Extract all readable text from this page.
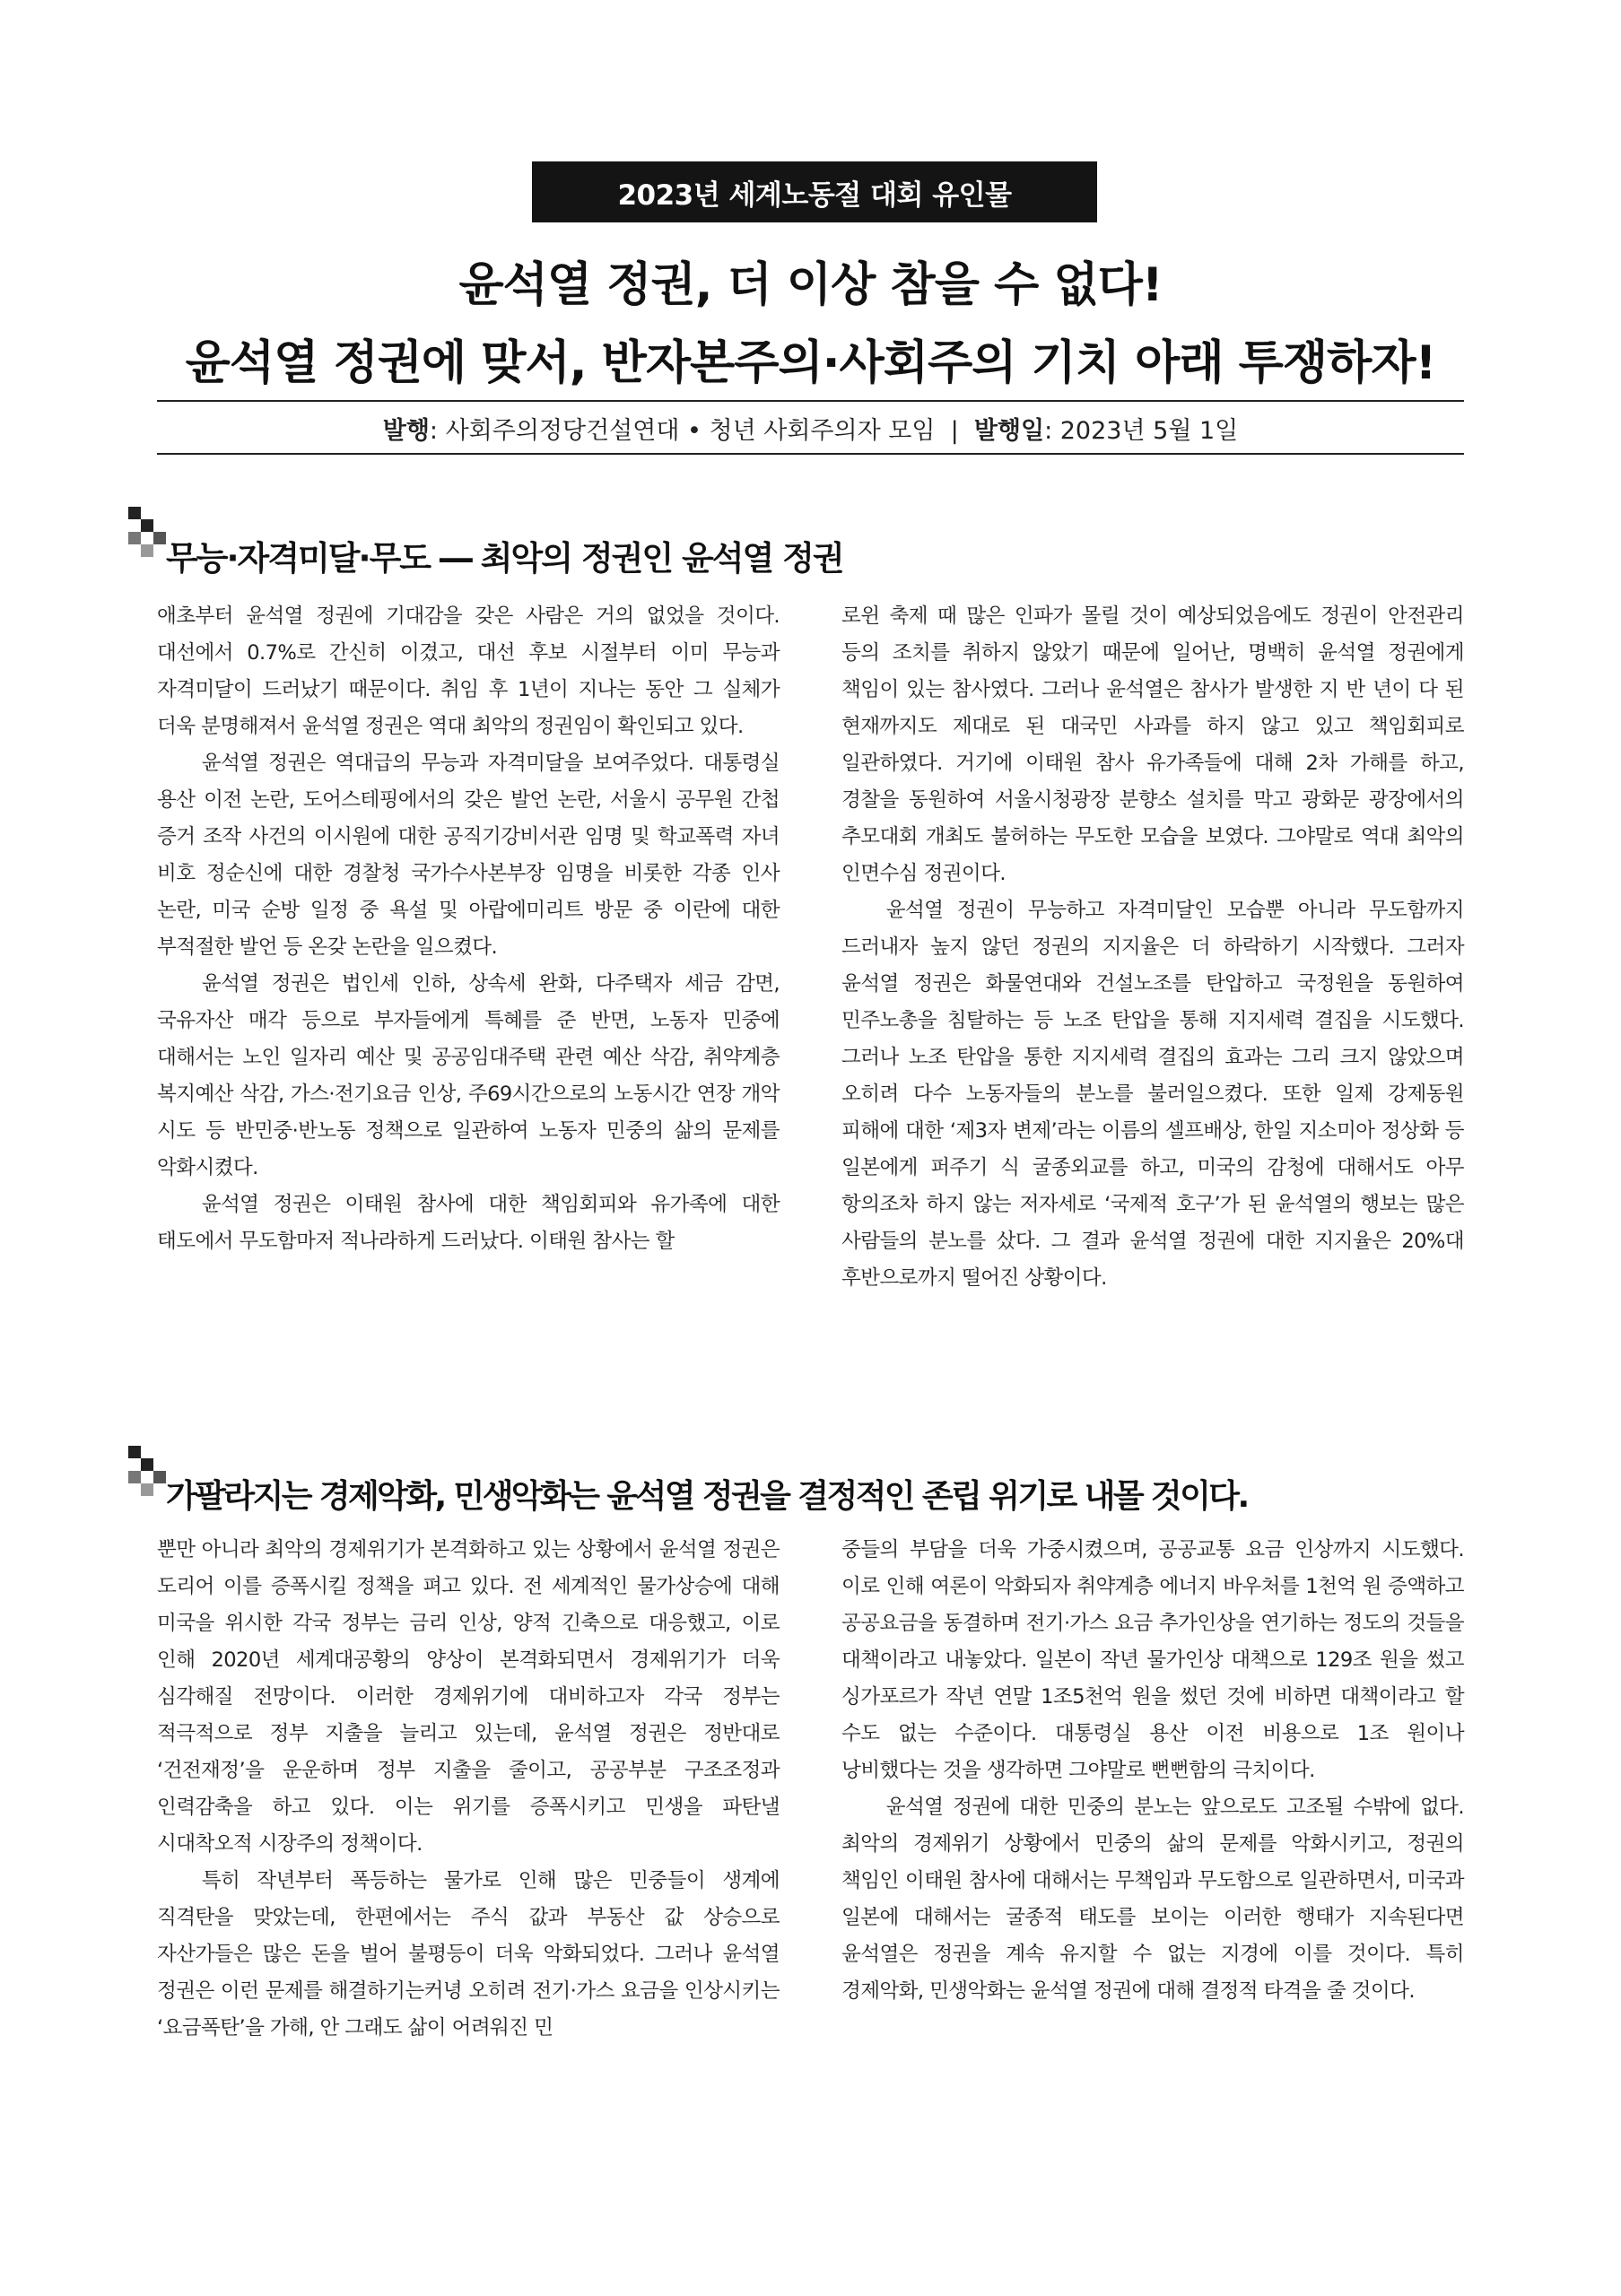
2023년 세계노동절 대회 유인물
윤석열 정권, 더 이상 참을 수 없다!
윤석열 정권에 맞서, 반자본주의·사회주의 기치 아래 투쟁하자!
발행: 사회주의정당건설연대 • 청년 사회주의자 모임  |  발행일: 2023년 5월 1일
무능·자격미달·무도 ― 최악의 정권인 윤석열 정권

애초부터 윤석열 정권에 기대감을 갖은 사람은 거의 없었을 것이다. 대선에서 0.7%로 간신히 이겼고, 대선 후보 시절부터 이미 무능과 자격미달이 드러났기 때문이다. 취임 후 1년이 지나는 동안 그 실체가 더욱 분명해져서 윤석열 정권은 역대 최악의 정권임이 확인되고 있다.

윤석열 정권은 역대급의 무능과 자격미달을 보여주었다. 대통령실 용산 이전 논란, 도어스테핑에서의 갖은 발언 논란, 서울시 공무원 간첩 증거 조작 사건의 이시원에 대한 공직기강비서관 임명 및 학교폭력 자녀 비호 정순신에 대한 경찰청 국가수사본부장 임명을 비롯한 각종 인사 논란, 미국 순방 일정 중 욕설 및 아랍에미리트 방문 중 이란에 대한 부적절한 발언 등 온갖 논란을 일으켰다.

윤석열 정권은 법인세 인하, 상속세 완화, 다주택자 세금 감면, 국유자산 매각 등으로 부자들에게 특혜를 준 반면, 노동자 민중에 대해서는 노인 일자리 예산 및 공공임대주택 관련 예산 삭감, 취약계층 복지예산 삭감, 가스·전기요금 인상, 주69시간으로의 노동시간 연장 개악 시도 등 반민중·반노동 정책으로 일관하여 노동자 민중의 삶의 문제를 악화시켰다.

윤석열 정권은 이태원 참사에 대한 책임회피와 유가족에 대한 태도에서 무도함마저 적나라하게 드러났다. 이태원 참사는 할

로윈 축제 때 많은 인파가 몰릴 것이 예상되었음에도 정권이 안전관리 등의 조치를 취하지 않았기 때문에 일어난, 명백히 윤석열 정권에게 책임이 있는 참사였다. 그러나 윤석열은 참사가 발생한 지 반 년이 다 된 현재까지도 제대로 된 대국민 사과를 하지 않고 있고 책임회피로 일관하였다. 거기에 이태원 참사 유가족들에 대해 2차 가해를 하고, 경찰을 동원하여 서울시청광장 분향소 설치를 막고 광화문 광장에서의 추모대회 개최도 불허하는 무도한 모습을 보였다. 그야말로 역대 최악의 인면수심 정권이다.

윤석열 정권이 무능하고 자격미달인 모습뿐 아니라 무도함까지 드러내자 높지 않던 정권의 지지율은 더 하락하기 시작했다. 그러자 윤석열 정권은 화물연대와 건설노조를 탄압하고 국정원을 동원하여 민주노총을 침탈하는 등 노조 탄압을 통해 지지세력 결집을 시도했다. 그러나 노조 탄압을 통한 지지세력 결집의 효과는 그리 크지 않았으며 오히려 다수 노동자들의 분노를 불러일으켰다. 또한 일제 강제동원 피해에 대한 ‘제3자 변제’라는 이름의 셀프배상, 한일 지소미아 정상화 등 일본에게 퍼주기 식 굴종외교를 하고, 미국의 감청에 대해서도 아무 항의조차 하지 않는 저자세로 ‘국제적 호구’가 된 윤석열의 행보는 많은 사람들의 분노를 샀다. 그 결과 윤석열 정권에 대한 지지율은 20%대 후반으로까지 떨어진 상황이다.

가팔라지는 경제악화, 민생악화는 윤석열 정권을 결정적인 존립 위기로 내몰 것이다.

뿐만 아니라 최악의 경제위기가 본격화하고 있는 상황에서 윤석열 정권은 도리어 이를 증폭시킬 정책을 펴고 있다. 전 세계적인 물가상승에 대해 미국을 위시한 각국 정부는 금리 인상, 양적 긴축으로 대응했고, 이로 인해 2020년 세계대공황의 양상이 본격화되면서 경제위기가 더욱 심각해질 전망이다. 이러한 경제위기에 대비하고자 각국 정부는 적극적으로 정부 지출을 늘리고 있는데, 윤석열 정권은 정반대로 ‘건전재정’을 운운하며 정부 지출을 줄이고, 공공부분 구조조정과 인력감축을 하고 있다. 이는 위기를 증폭시키고 민생을 파탄낼 시대착오적 시장주의 정책이다.

특히 작년부터 폭등하는 물가로 인해 많은 민중들이 생계에 직격탄을 맞았는데, 한편에서는 주식 값과 부동산 값 상승으로 자산가들은 많은 돈을 벌어 불평등이 더욱 악화되었다. 그러나 윤석열 정권은 이런 문제를 해결하기는커녕 오히려 전기·가스 요금을 인상시키는 ‘요금폭탄’을 가해, 안 그래도 삶이 어려워진 민

중들의 부담을 더욱 가중시켰으며, 공공교통 요금 인상까지 시도했다. 이로 인해 여론이 악화되자 취약계층 에너지 바우처를 1천억 원 증액하고 공공요금을 동결하며 전기·가스 요금 추가인상을 연기하는 정도의 것들을 대책이라고 내놓았다. 일본이 작년 물가인상 대책으로 129조 원을 썼고 싱가포르가 작년 연말 1조5천억 원을 썼던 것에 비하면 대책이라고 할 수도 없는 수준이다. 대통령실 용산 이전 비용으로 1조 원이나 낭비했다는 것을 생각하면 그야말로 뻔뻔함의 극치이다.

윤석열 정권에 대한 민중의 분노는 앞으로도 고조될 수밖에 없다. 최악의 경제위기 상황에서 민중의 삶의 문제를 악화시키고, 정권의 책임인 이태원 참사에 대해서는 무책임과 무도함으로 일관하면서, 미국과 일본에 대해서는 굴종적 태도를 보이는 이러한 행태가 지속된다면 윤석열은 정권을 계속 유지할 수 없는 지경에 이를 것이다. 특히 경제악화, 민생악화는 윤석열 정권에 대해 결정적 타격을 줄 것이다.
